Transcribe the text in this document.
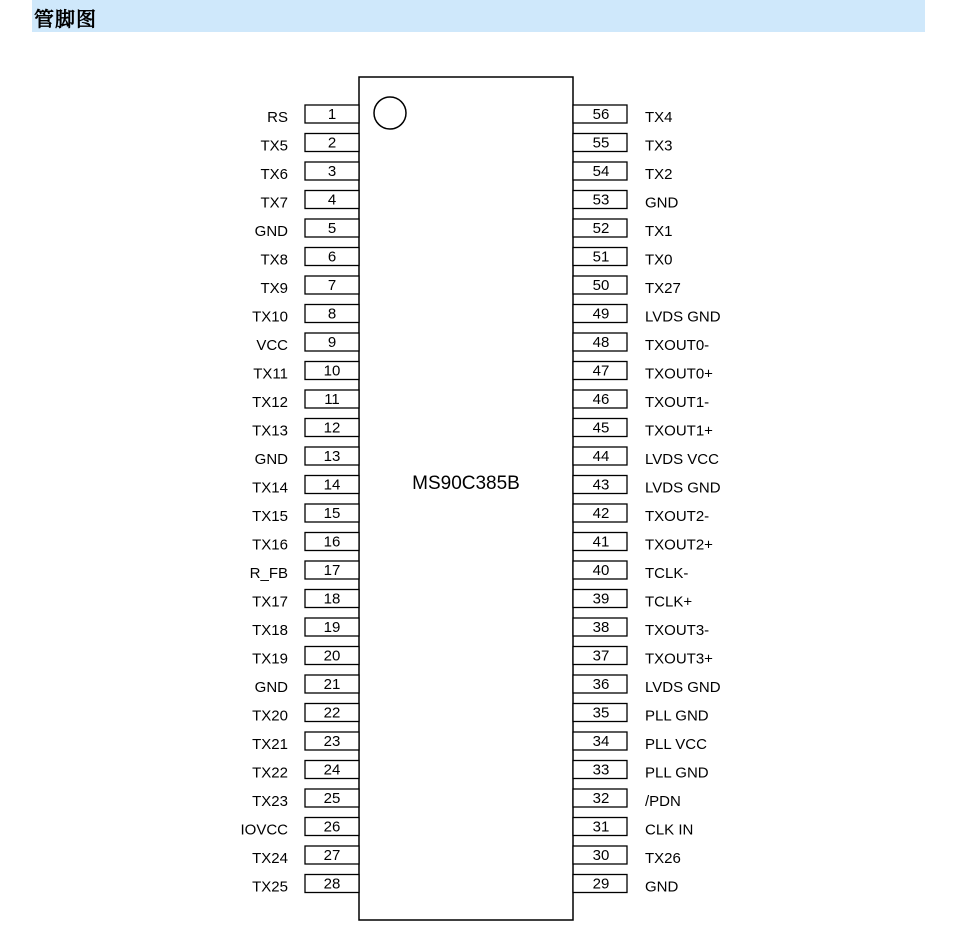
管脚图
MS90C385B
1
RS
2
TX5
3
TX6
4
TX7
5
GND
6
TX8
7
TX9
8
TX10
9
VCC
10
TX11
11
TX12
12
TX13
13
GND
14
TX14
15
TX15
16
TX16
17
R_FB
18
TX17
19
TX18
20
TX19
21
GND
22
TX20
23
TX21
24
TX22
25
TX23
26
IOVCC
27
TX24
28
TX25
56 TX4
55 TX3
54 TX2
53 GND
52 TX1
51 TX0
50 TX27
49 LVDS GND
48 TXOUT0-
47 TXOUT0+
46 TXOUT1-
45 TXOUT1+
44 LVDS VCC
43 LVDS GND
42 TXOUT2-
41 TXOUT2+
40 TCLK-
39 TCLK+
38 TXOUT3-
37 TXOUT3+
36 LVDS GND
35 PLL GND
34 PLL VCC
33 PLL GND
32 /PDN
31 CLK IN
30 TX26
29 GND
